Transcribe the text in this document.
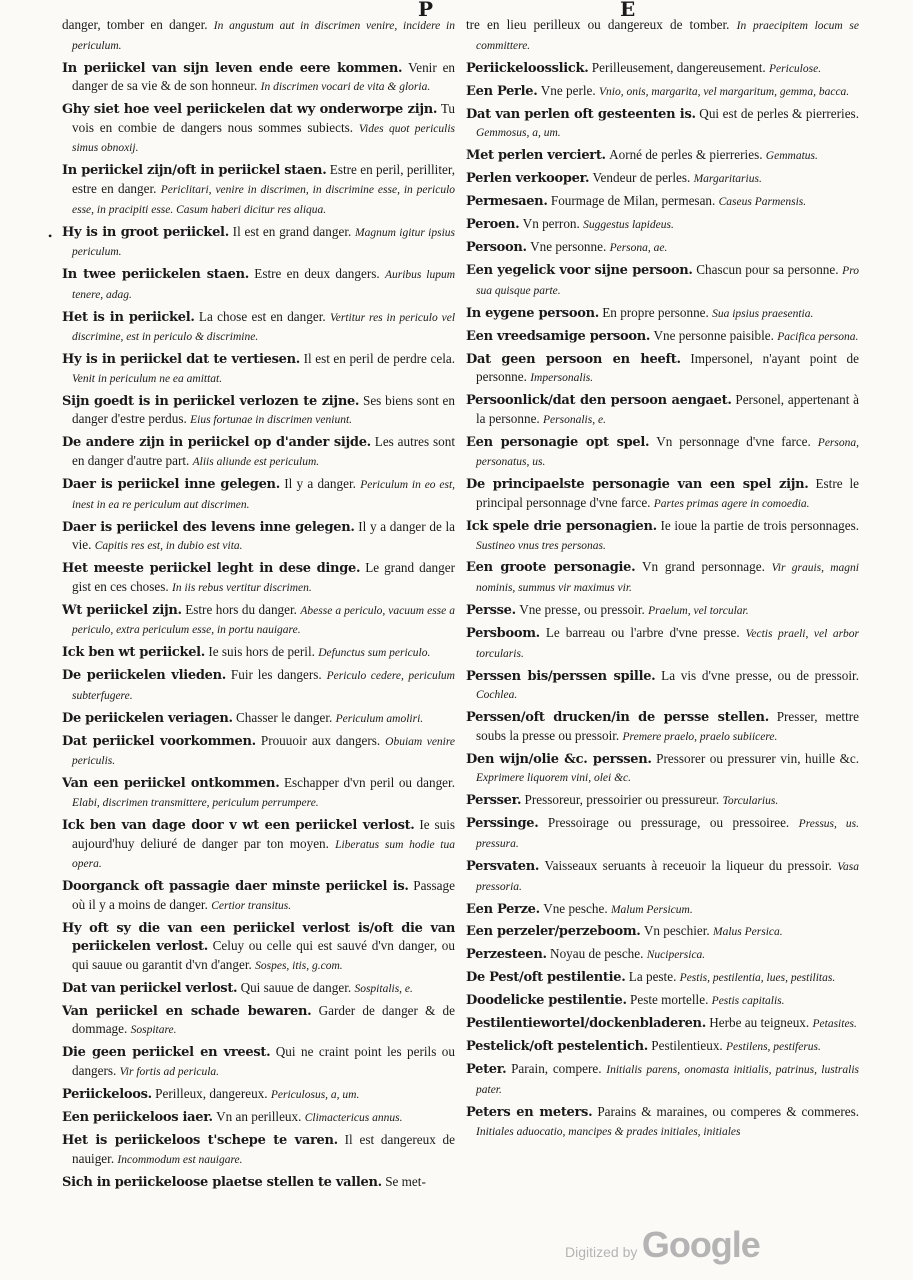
P	E
•

danger, tomber en danger. In angustum aut in discrimen venire, incidere in periculum.

In periickel van sijn leven ende eere kommen. Venir en danger de sa vie & de son honneur. In discrimen vocari de vita & gloria.

Ghy siet hoe veel periickelen dat wy onderworpe zijn. Tu vois en combie de dangers nous sommes subiects. Vides quot periculis simus obnoxij.

In periickel zijn/oft in periickel staen. Estre en peril, perilliter, estre en danger. Periclitari, venire in discrimen, in discrimine esse, in periculo esse, in pracipiti esse. Casum haberi dicitur res aliqua.

Hy is in groot periickel. Il est en grand danger. Magnum igitur ipsius periculum.

In twee periickelen staen. Estre en deux dangers. Auribus lupum tenere, adag.

Het is in periickel. La chose est en danger. Vertitur res in periculo vel discrimine, est in periculo & discrimine.

Hy is in periickel dat te vertiesen. Il est en peril de perdre cela. Venit in periculum ne ea amittat.

Sijn goedt is in periickel verlozen te zijne. Ses biens sont en danger d'estre perdus. Eius fortunae in discrimen veniunt.

De andere zijn in periickel op d'ander sijde. Les autres sont en danger d'autre part. Aliis aliunde est periculum.

Daer is periickel inne gelegen. Il y a danger. Periculum in eo est, inest in ea re periculum aut discrimen.

Daer is periickel des levens inne gelegen. Il y a danger de la vie. Capitis res est, in dubio est vita.

Het meeste periickel leght in dese dinge. Le grand danger gist en ces choses. In iis rebus vertitur discrimen.

Wt periickel zijn. Estre hors du danger. Abesse a periculo, vacuum esse a periculo, extra periculum esse, in portu nauigare.

Ick ben wt periickel. Ie suis hors de peril. Defunctus sum periculo.

De periickelen vlieden. Fuir les dangers. Periculo cedere, periculum subterfugere.

De periickelen veriagen. Chasser le danger. Periculum amoliri.

Dat periickel voorkommen. Prouuoir aux dangers. Obuiam venire periculis.

Van een periickel ontkommen. Eschapper d'vn peril ou danger. Elabi, discrimen transmittere, periculum perrumpere.

Ick ben van dage door v wt een periickel verlost. Ie suis aujourd'huy deliuré de danger par ton moyen. Liberatus sum hodie tua opera.

Doorganck oft passagie daer minste periickel is. Passage où il y a moins de danger. Certior transitus.

Hy oft sy die van een periickel verlost is/oft die van periickelen verlost. Celuy ou celle qui est sauvé d'vn danger, ou qui sauue ou garantit d'vn d'anger. Sospes, itis, g.com.

Dat van periickel verlost. Qui sauue de danger. Sospitalis, e.

Van periickel en schade bewaren. Garder de danger & de dommage. Sospitare.

Die geen periickel en vreest. Qui ne craint point les perils ou dangers. Vir fortis ad pericula.

Periickeloos. Perilleux, dangereux. Periculosus, a, um.

Een periickeloos iaer. Vn an perilleux. Climactericus annus.

Het is periickeloos t'schepe te varen. Il est dangereux de nauiger. Incommodum est nauigare.

Sich in periickeloose plaetse stellen te vallen. Se met-

tre en lieu perilleux ou dangereux de tomber. In praecipitem locum se committere.

Periickeloosslick. Perilleusement, dangereusement. Periculose.

Een Perle. Vne perle. Vnio, onis, margarita, vel margaritum, gemma, bacca.

Dat van perlen oft gesteenten is. Qui est de perles & pierreries. Gemmosus, a, um.

Met perlen verciert. Aorné de perles & pierreries. Gemmatus.

Perlen verkooper. Vendeur de perles. Margaritarius.

Permesaen. Fourmage de Milan, permesan. Caseus Parmensis.

Peroen. Vn perron. Suggestus lapideus.

Persoon. Vne personne. Persona, ae.

Een yegelick voor sijne persoon. Chascun pour sa personne. Pro sua quisque parte.

In eygene persoon. En propre personne. Sua ipsius praesentia.

Een vreedsamige persoon. Vne personne paisible. Pacifica persona.

Dat geen persoon en heeft. Impersonel, n'ayant point de personne. Impersonalis.

Persoonlick/dat den persoon aengaet. Personel, appertenant à la personne. Personalis, e.

Een personagie opt spel. Vn personnage d'vne farce. Persona, personatus, us.

De principaelste personagie van een spel zijn. Estre le principal personnage d'vne farce. Partes primas agere in comoedia.

Ick spele drie personagien. Ie ioue la partie de trois personnages. Sustineo vnus tres personas.

Een groote personagie. Vn grand personnage. Vir grauis, magni nominis, summus vir maximus vir.

Persse. Vne presse, ou pressoir. Praelum, vel torcular.

Persboom. Le barreau ou l'arbre d'vne presse. Vectis praeli, vel arbor torcularis.

Perssen bis/perssen spille. La vis d'vne presse, ou de pressoir. Cochlea.

Perssen/oft drucken/in de persse stellen. Presser, mettre soubs la presse ou pressoir. Premere praelo, praelo subiicere.

Den wijn/olie &c. perssen. Pressorer ou pressurer vin, huille &c. Exprimere liquorem vini, olei &c.

Persser. Pressoreur, pressoirier ou pressureur. Torcularius.

Perssinge. Pressoirage ou pressurage, ou pressoiree. Pressus, us. pressura.

Persvaten. Vaisseaux seruants à receuoir la liqueur du pressoir. Vasa pressoria.

Een Perze. Vne pesche. Malum Persicum.

Een perzeler/perzeboom. Vn peschier. Malus Persica.

Perzesteen. Noyau de pesche. Nucipersica.

De Pest/oft pestilentie. La peste. Pestis, pestilentia, lues, pestilitas.

Doodelicke pestilentie. Peste mortelle. Pestis capitalis.

Pestilentiewortel/dockenbladeren. Herbe au teigneux. Petasites.

Pestelick/oft pestelentich. Pestilentieux. Pestilens, pestiferus.

Peter. Parain, compere. Initialis parens, onomasta initialis, patrinus, lustralis pater.

Peters en meters. Parains & maraines, ou comperes & commeres. Initiales aduocatio, mancipes & prades initiales, initiales

Digitized by Google
